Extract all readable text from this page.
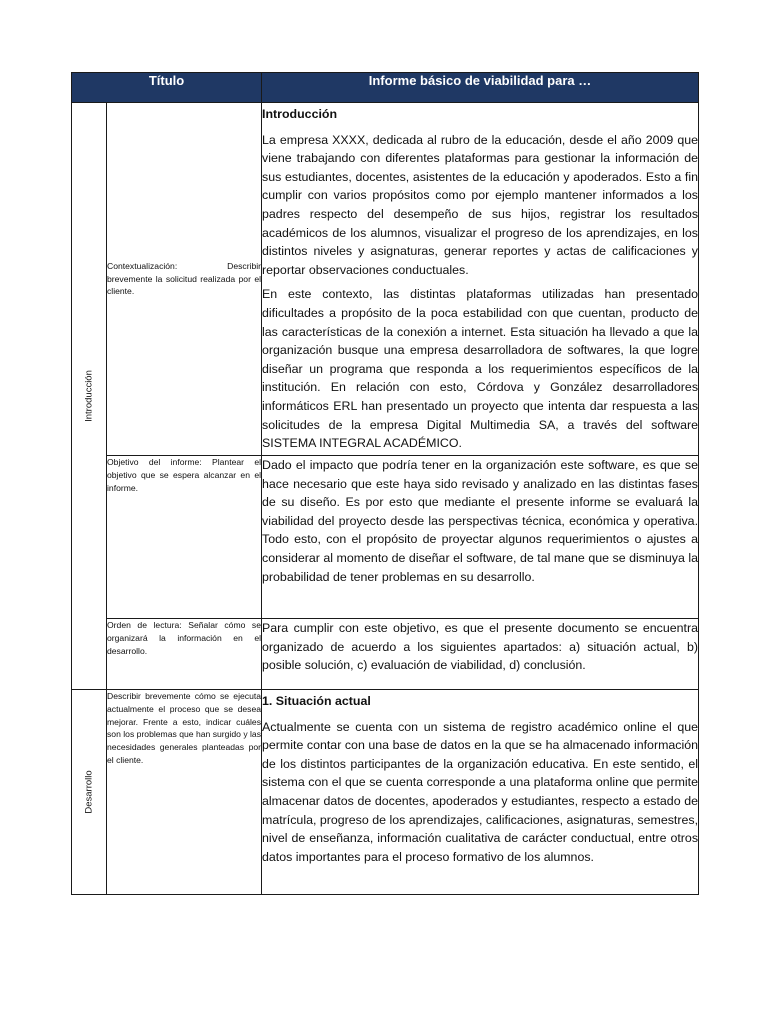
Título		Informe básico de viabilidad para …

Introducción	Contextualización: Describir brevemente la solicitud realizada por el cliente.	Introducción

La empresa XXXX, dedicada al rubro de la educación, desde el año 2009 que viene trabajando con diferentes plataformas para gestionar la información de sus estudiantes, docentes, asistentes de la educación y apoderados. Esto a fin cumplir con varios propósitos como por ejemplo mantener informados a los padres respecto del desempeño de sus hijos, registrar los resultados académicos de los alumnos, visualizar el progreso de los aprendizajes, en los distintos niveles y asignaturas, generar reportes y actas de calificaciones y reportar observaciones conductuales.

En este contexto, las distintas plataformas utilizadas han presentado dificultades a propósito de la poca estabilidad con que cuentan, producto de las características de la conexión a internet. Esta situación ha llevado a que la organización busque una empresa desarrolladora de softwares, la que logre diseñar un programa que responda a los requerimientos específicos de la institución. En relación con esto, Córdova y González desarrolladores informáticos ERL han presentado un proyecto que intenta dar respuesta a las solicitudes de la empresa Digital Multimedia SA, a través del software SISTEMA INTEGRAL ACADÉMICO.

	Objetivo del informe: Plantear el objetivo que se espera alcanzar en el informe.	Dado el impacto que podría tener en la organización este software, es que se hace necesario que este haya sido revisado y analizado en las distintas fases de su diseño. Es por esto que mediante el presente informe se evaluará la viabilidad del proyecto desde las perspectivas técnica, económica y operativa. Todo esto, con el propósito de proyectar algunos requerimientos o ajustes a considerar al momento de diseñar el software, de tal mane que se disminuya la probabilidad de tener problemas en su desarrollo.

	Orden de lectura: Señalar cómo se organizará la información en el desarrollo.	Para cumplir con este objetivo, es que el presente documento se encuentra organizado de acuerdo a los siguientes apartados: a) situación actual, b) posible solución, c) evaluación de viabilidad, d) conclusión.

Desarrollo	Describir brevemente cómo se ejecuta actualmente el proceso que se desea mejorar. Frente a esto, indicar cuáles son los problemas que han surgido y las necesidades generales planteadas por el cliente.	1. Situación actual

Actualmente se cuenta con un sistema de registro académico online el que permite contar con una base de datos en la que se ha almacenado información de los distintos participantes de la organización educativa. En este sentido, el sistema con el que se cuenta corresponde a una plataforma online que permite almacenar datos de docentes, apoderados y estudiantes, respecto a estado de matrícula, progreso de los aprendizajes, calificaciones, asignaturas, semestres, nivel de enseñanza, información cualitativa de carácter conductual, entre otros datos importantes para el proceso formativo de los alumnos.
